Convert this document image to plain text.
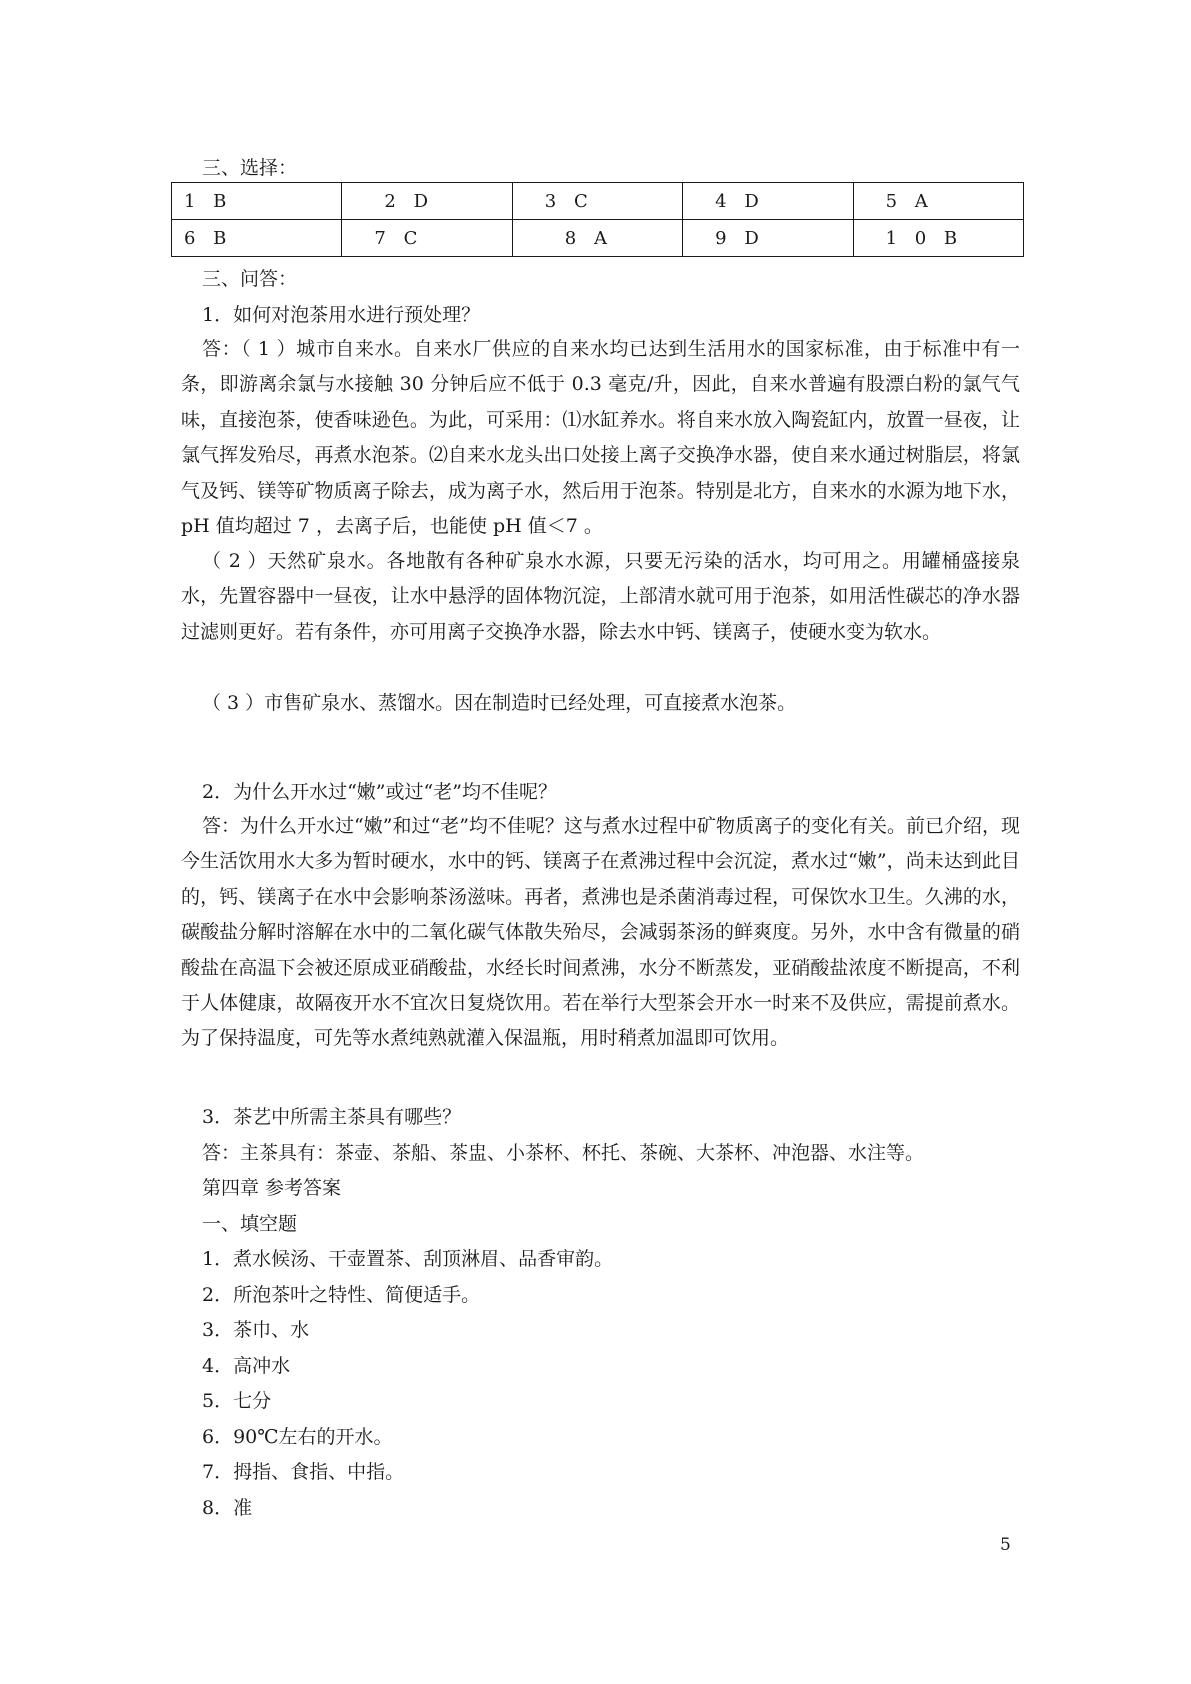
三、选择：
1 B	2 D	3 C	4 D	5 A
6 B	7 C	8 A	9 D	1 0 B
三、问答：
1．如何对泡茶用水进行预处理？
答：（ 1 ）城市自来水。自来水厂供应的自来水均已达到生活用水的国家标准，由于标准中有一条，即游离余氯与水接触 30 分钟后应不低于 0.3 毫克/升，因此，自来水普遍有股漂白粉的氯气气味，直接泡茶，使香味逊色。为此，可采用：⑴水缸养水。将自来水放入陶瓷缸内，放置一昼夜，让氯气挥发殆尽，再煮水泡茶。⑵自来水龙头出口处接上离子交换净水器，使自来水通过树脂层，将氯气及钙、镁等矿物质离子除去，成为离子水，然后用于泡茶。特别是北方，自来水的水源为地下水，pH 值均超过 7 ，去离子后，也能使 pH 值＜7 。
（ 2 ）天然矿泉水。各地散有各种矿泉水水源，只要无污染的活水，均可用之。用罐桶盛接泉水，先置容器中一昼夜，让水中悬浮的固体物沉淀，上部清水就可用于泡茶，如用活性碳芯的净水器过滤则更好。若有条件，亦可用离子交换净水器，除去水中钙、镁离子，使硬水变为软水。
（ 3 ）市售矿泉水、蒸馏水。因在制造时已经处理，可直接煮水泡茶。
2．为什么开水过“嫩”或过“老”均不佳呢？
答：为什么开水过“嫩”和过“老”均不佳呢？这与煮水过程中矿物质离子的变化有关。前已介绍，现今生活饮用水大多为暂时硬水，水中的钙、镁离子在煮沸过程中会沉淀，煮水过“嫩”，尚未达到此目的，钙、镁离子在水中会影响茶汤滋味。再者，煮沸也是杀菌消毒过程，可保饮水卫生。久沸的水，碳酸盐分解时溶解在水中的二氧化碳气体散失殆尽，会减弱茶汤的鲜爽度。另外，水中含有微量的硝酸盐在高温下会被还原成亚硝酸盐，水经长时间煮沸，水分不断蒸发，亚硝酸盐浓度不断提高，不利于人体健康，故隔夜开水不宜次日复烧饮用。若在举行大型茶会开水一时来不及供应，需提前煮水。为了保持温度，可先等水煮纯熟就灌入保温瓶，用时稍煮加温即可饮用。
3．茶艺中所需主茶具有哪些？
答：主茶具有：茶壶、茶船、茶盅、小茶杯、杯托、茶碗、大茶杯、冲泡器、水注等。
第四章 参考答案
一、填空题
1．煮水候汤、干壶置茶、刮顶淋眉、品香审韵。
2．所泡茶叶之特性、简便适手。
3．茶巾、水
4．高冲水
5．七分
6．90℃左右的开水。
7．拇指、食指、中指。
8．准
5
